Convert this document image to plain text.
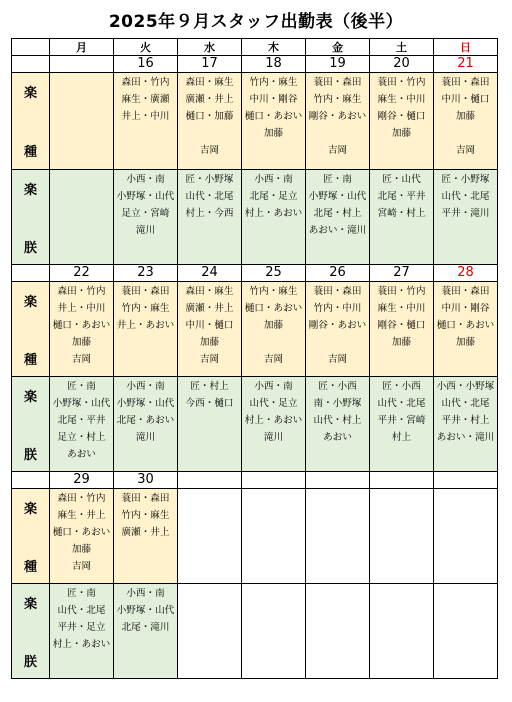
2025年９月スタッフ出勤表（後半）
	月	火	水	木	金	土	日
		16	17	18	19	20	21

楽
種		森田・竹内
麻生・廣瀬
井上・中川	森田・麻生
廣瀬・井上
樋口・加藤
吉岡	竹内・麻生
中川・剛谷
樋口・あおい
加藤	蓑田・森田
竹内・麻生
剛谷・あおい
吉岡	蓑田・竹内
麻生・中川
剛谷・樋口
加藤	蓑田・森田
中川・樋口
加藤
吉岡

楽
朕		小西・南
小野塚・山代
足立・宮崎
滝川	匠・小野塚
山代・北尾
村上・今西	小西・南
北尾・足立
村上・あおい	匠・南
小野塚・山代
北尾・村上
あおい・滝川	匠・山代
北尾・平井
宮崎・村上	匠・小野塚
山代・北尾
平井・滝川

	22	23	24	25	26	27	28

楽
種	森田・竹内
井上・中川
樋口・あおい
加藤
吉岡	蓑田・森田
竹内・麻生
井上・あおい	森田・麻生
廣瀬・井上
中川・樋口
加藤
吉岡	竹内・麻生
樋口・あおい
加藤
吉岡	蓑田・森田
竹内・中川
剛谷・あおい
吉岡	蓑田・竹内
麻生・中川
剛谷・樋口
加藤	蓑田・森田
中川・剛谷
樋口・あおい
加藤

楽
朕	匠・南
小野塚・山代
北尾・平井
足立・村上
あおい	小西・南
小野塚・山代
北尾・あおい
滝川	匠・村上
今西・樋口	小西・南
山代・足立
村上・あおい
滝川	匠・小西
南・小野塚
山代・村上
あおい	匠・小西
山代・北尾
平井・宮崎
村上	小西・小野塚
山代・北尾
平井・村上
あおい・滝川

	29	30					

楽
種	森田・竹内
麻生・井上
樋口・あおい
加藤
吉岡	蓑田・森田
竹内・麻生
廣瀬・井上					

楽
朕	匠・南
山代・北尾
平井・足立
村上・あおい	小西・南
小野塚・山代
北尾・滝川					
